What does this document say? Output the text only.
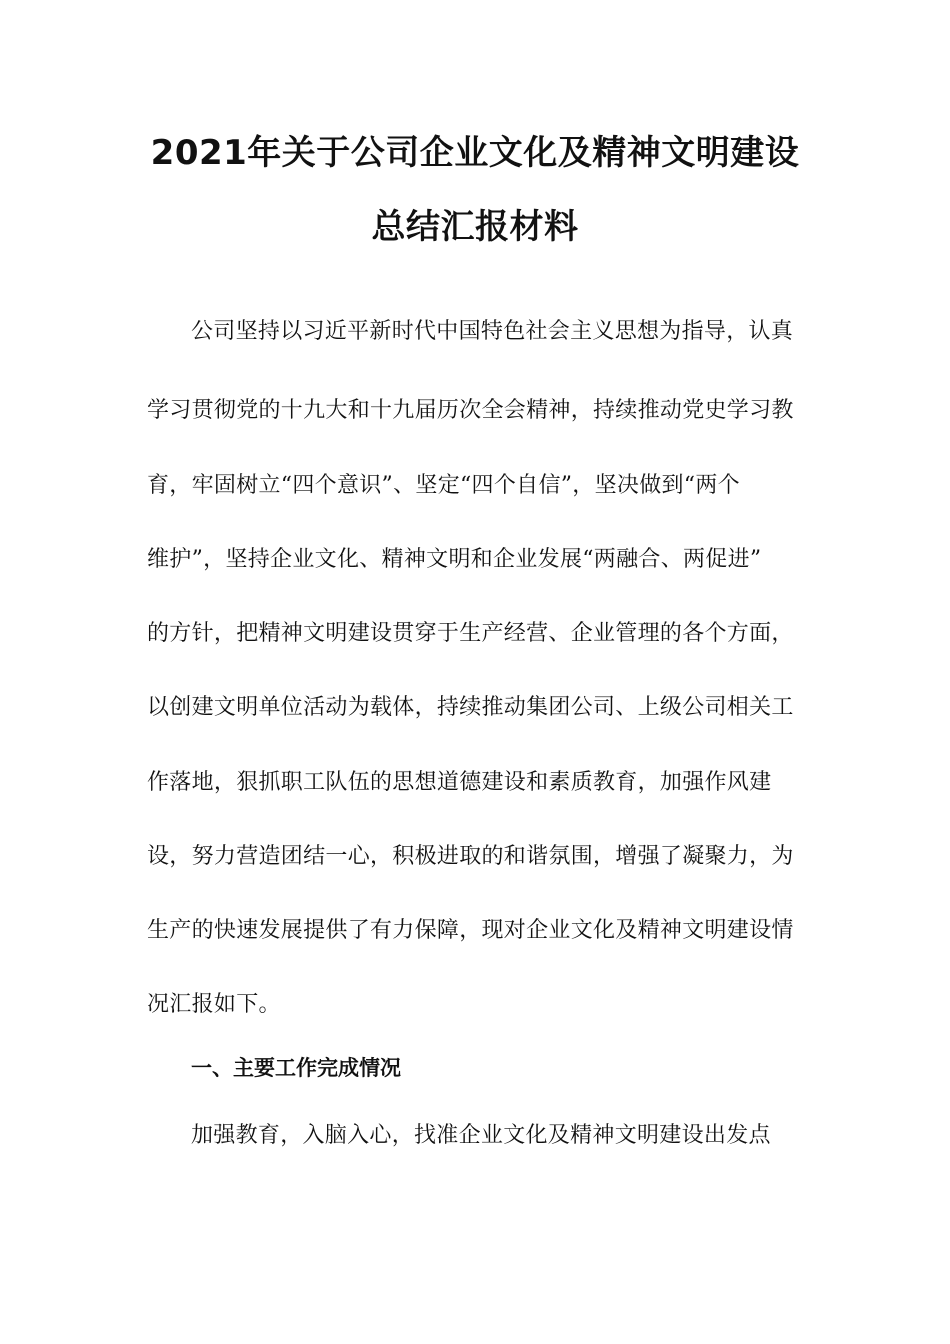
2021年关于公司企业文化及精神文明建设
总结汇报材料
公司坚持以习近平新时代中国特色社会主义思想为指导，认真
学习贯彻党的十九大和十九届历次全会精神，持续推动党史学习教
育，牢固树立“四个意识”、坚定“四个自信”，坚决做到“两个
维护”，坚持企业文化、精神文明和企业发展“两融合、两促进”
的方针，把精神文明建设贯穿于生产经营、企业管理的各个方面，
以创建文明单位活动为载体，持续推动集团公司、上级公司相关工
作落地，狠抓职工队伍的思想道德建设和素质教育，加强作风建
设，努力营造团结一心，积极进取的和谐氛围，增强了凝聚力，为
生产的快速发展提供了有力保障，现对企业文化及精神文明建设情
况汇报如下。
一、主要工作完成情况
加强教育，入脑入心，找准企业文化及精神文明建设出发点
